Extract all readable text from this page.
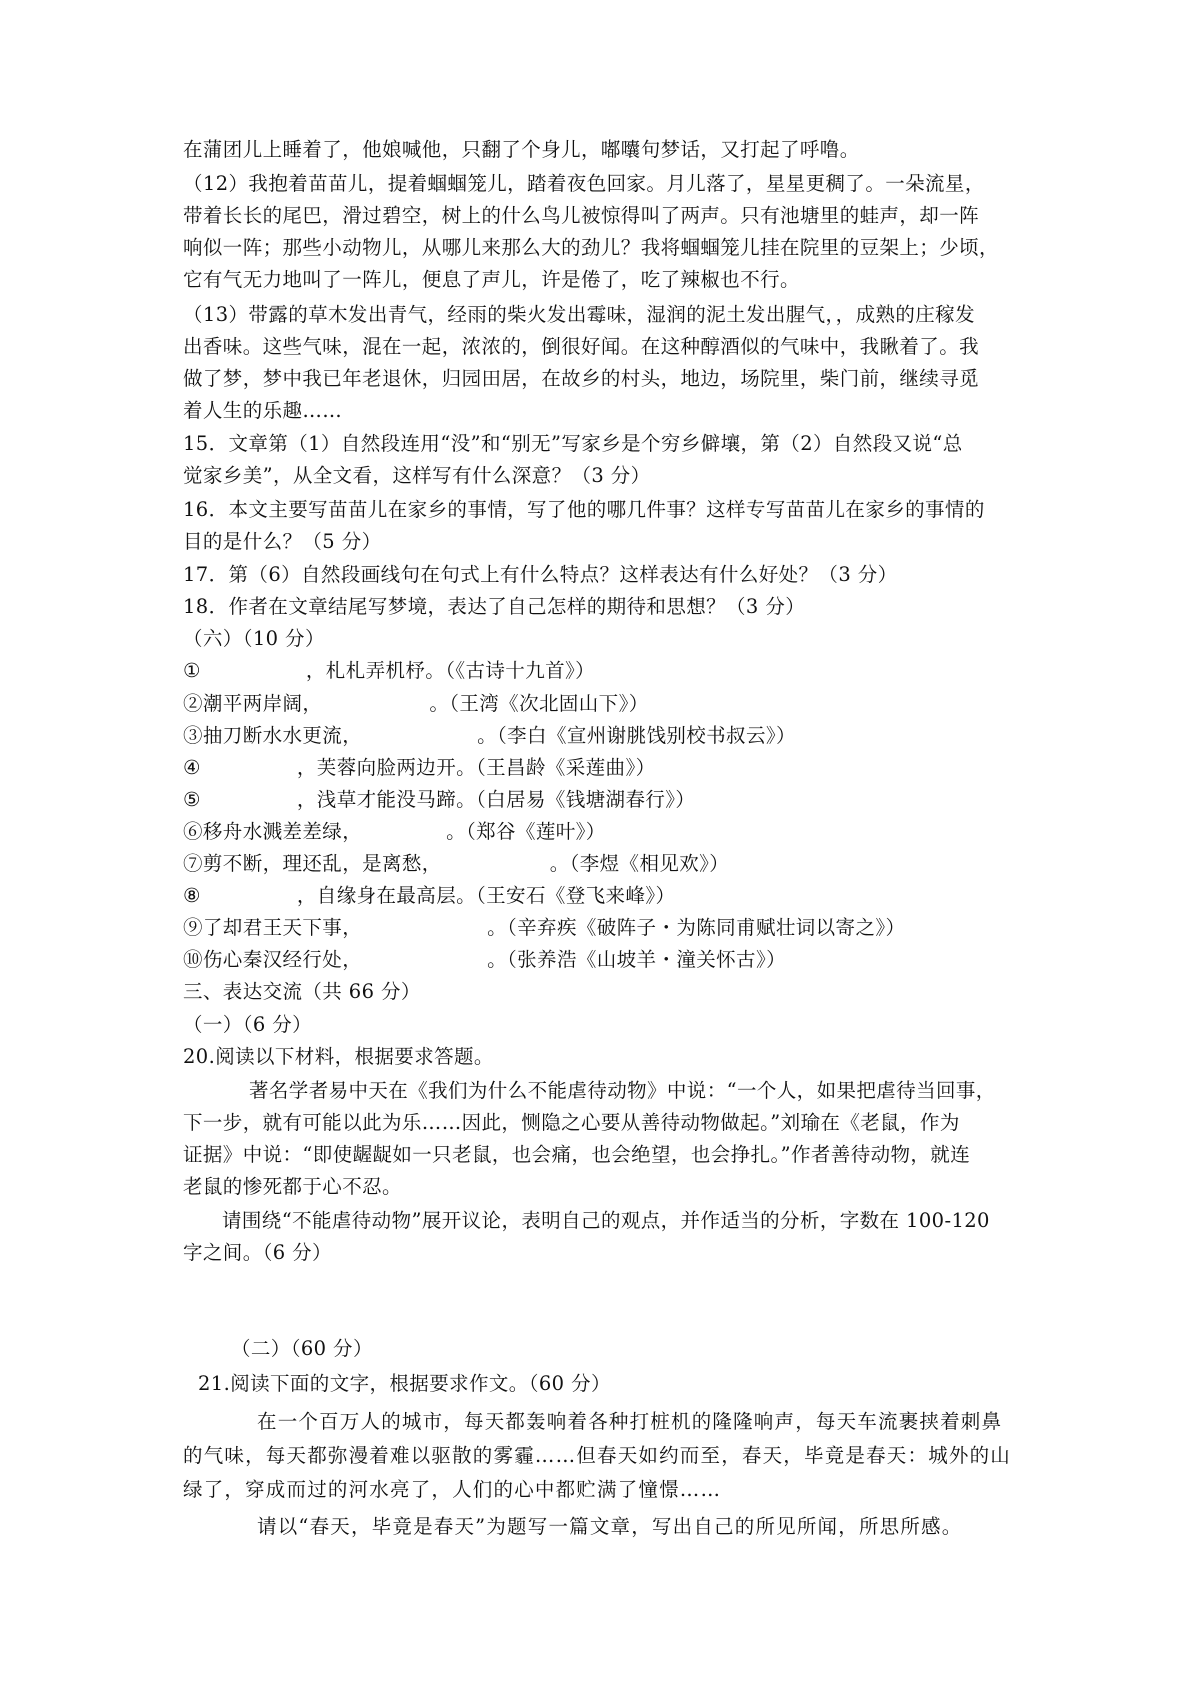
在蒲团儿上睡着了，他娘喊他，只翻了个身儿，嘟囔句梦话，又打起了呼噜。
（12）我抱着苗苗儿，提着蝈蝈笼儿，踏着夜色回家。月儿落了，星星更稠了。一朵流星，
带着长长的尾巴，滑过碧空，树上的什么鸟儿被惊得叫了两声。只有池塘里的蛙声，却一阵
响似一阵；那些小动物儿，从哪儿来那么大的劲儿？我将蝈蝈笼儿挂在院里的豆架上；少顷，
它有气无力地叫了一阵儿，便息了声儿，许是倦了，吃了辣椒也不行。
（13）带露的草木发出青气，经雨的柴火发出霉味，湿润的泥土发出腥气，，成熟的庄稼发
出香味。这些气味，混在一起，浓浓的，倒很好闻。在这种醇酒似的气味中，我瞅着了。我
做了梦，梦中我已年老退休，归园田居，在故乡的村头，地边，场院里，柴门前，继续寻觅
着人生的乐趣……
15．文章第（1）自然段连用“没”和“别无”写家乡是个穷乡僻壤，第（2）自然段又说“总
觉家乡美”，从全文看，这样写有什么深意？（3 分）
16．本文主要写苗苗儿在家乡的事情，写了他的哪几件事？这样专写苗苗儿在家乡的事情的
目的是什么？（5 分）
17．第（6）自然段画线句在句式上有什么特点？这样表达有什么好处？（3 分）
18．作者在文章结尾写梦境，表达了自己怎样的期待和思想？（3 分）
（六）（10 分）
①	，札札弄机杼。（《古诗十九首》）
②潮平两岸阔，	。（王湾《次北固山下》）
③抽刀断水水更流，	。（李白《宣州谢朓饯别校书叔云》）
④	，芙蓉向脸两边开。（王昌龄《采莲曲》）
⑤	，浅草才能没马蹄。（白居易《钱塘湖春行》）
⑥移舟水溅差差绿，	。（郑谷《莲叶》）
⑦剪不断，理还乱，是离愁，	。（李煜《相见欢》）
⑧	，自缘身在最高层。（王安石《登飞来峰》）
⑨了却君王天下事，	。（辛弃疾《破阵子・为陈同甫赋壮词以寄之》）
⑩伤心秦汉经行处，	。（张养浩《山坡羊・潼关怀古》）
三、表达交流（共 66 分）
（一）（6 分）
20.阅读以下材料，根据要求答题。
著名学者易中天在《我们为什么不能虐待动物》中说：“一个人，如果把虐待当回事，
下一步，就有可能以此为乐……因此，恻隐之心要从善待动物做起。”刘瑜在《老鼠，作为
证据》中说：“即使龌龊如一只老鼠，也会痛，也会绝望，也会挣扎。”作者善待动物，就连
老鼠的惨死都于心不忍。
请围绕“不能虐待动物”展开议论，表明自己的观点，并作适当的分析，字数在 100-120
字之间。（6 分）
（二）（60 分）
21.阅读下面的文字，根据要求作文。（60 分）
在一个百万人的城市，每天都轰响着各种打桩机的隆隆响声，每天车流裹挟着刺鼻
的气味，每天都弥漫着难以驱散的雾霾……但春天如约而至，春天，毕竟是春天：城外的山
绿了，穿成而过的河水亮了，人们的心中都贮满了憧憬……
请以“春天，毕竟是春天”为题写一篇文章，写出自己的所见所闻，所思所感。
